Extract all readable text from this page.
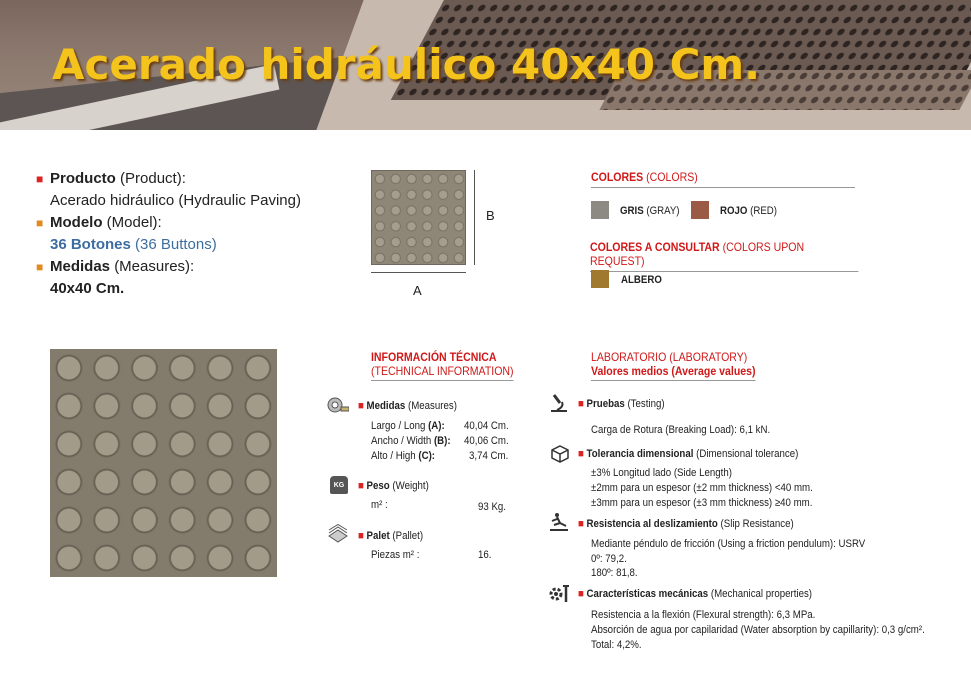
Acerado hidráulico 40x40 Cm.
■ Producto (Product):
Acerado hidráulico (Hydraulic Paving)
■ Modelo (Model):
36 Botones (36 Buttons)
■ Medidas (Measures):
40x40 Cm.
B
A
COLORES (COLORS)
GRIS (GRAY)	ROJO (RED)
COLORES A CONSULTAR (COLORS UPON REQUEST)
ALBERO
INFORMACIÓN TÉCNICA
(TECHNICAL INFORMATION)
■ Medidas (Measures)
Largo / Long (A): 40,04 Cm.
Ancho / Width (B): 40,06 Cm.
Alto / High (C):	3,74 Cm.
KG	■ Peso (Weight)
m² :	93 Kg.
■ Palet (Pallet)
Piezas m² :	16.
LABORATORIO (LABORATORY)
Valores medios (Average values)
■ Pruebas (Testing)
Carga de Rotura (Breaking Load): 6,1 kN.
■ Tolerancia dimensional (Dimensional tolerance)
±3% Longitud lado (Side Length)
±2mm para un espesor (±2 mm thickness) <40 mm.
±3mm para un espesor (±3 mm thickness) ≥40 mm.
■ Resistencia al deslizamiento (Slip Resistance)
Mediante péndulo de fricción (Using a friction pendulum): USRV
0º: 79,2.
180º: 81,8.
■ Características mecánicas (Mechanical properties)
Resistencia a la flexión (Flexural strength): 6,3 MPa.
Absorción de agua por capilaridad (Water absorption by capillarity): 0,3 g/cm².
Total: 4,2%.
